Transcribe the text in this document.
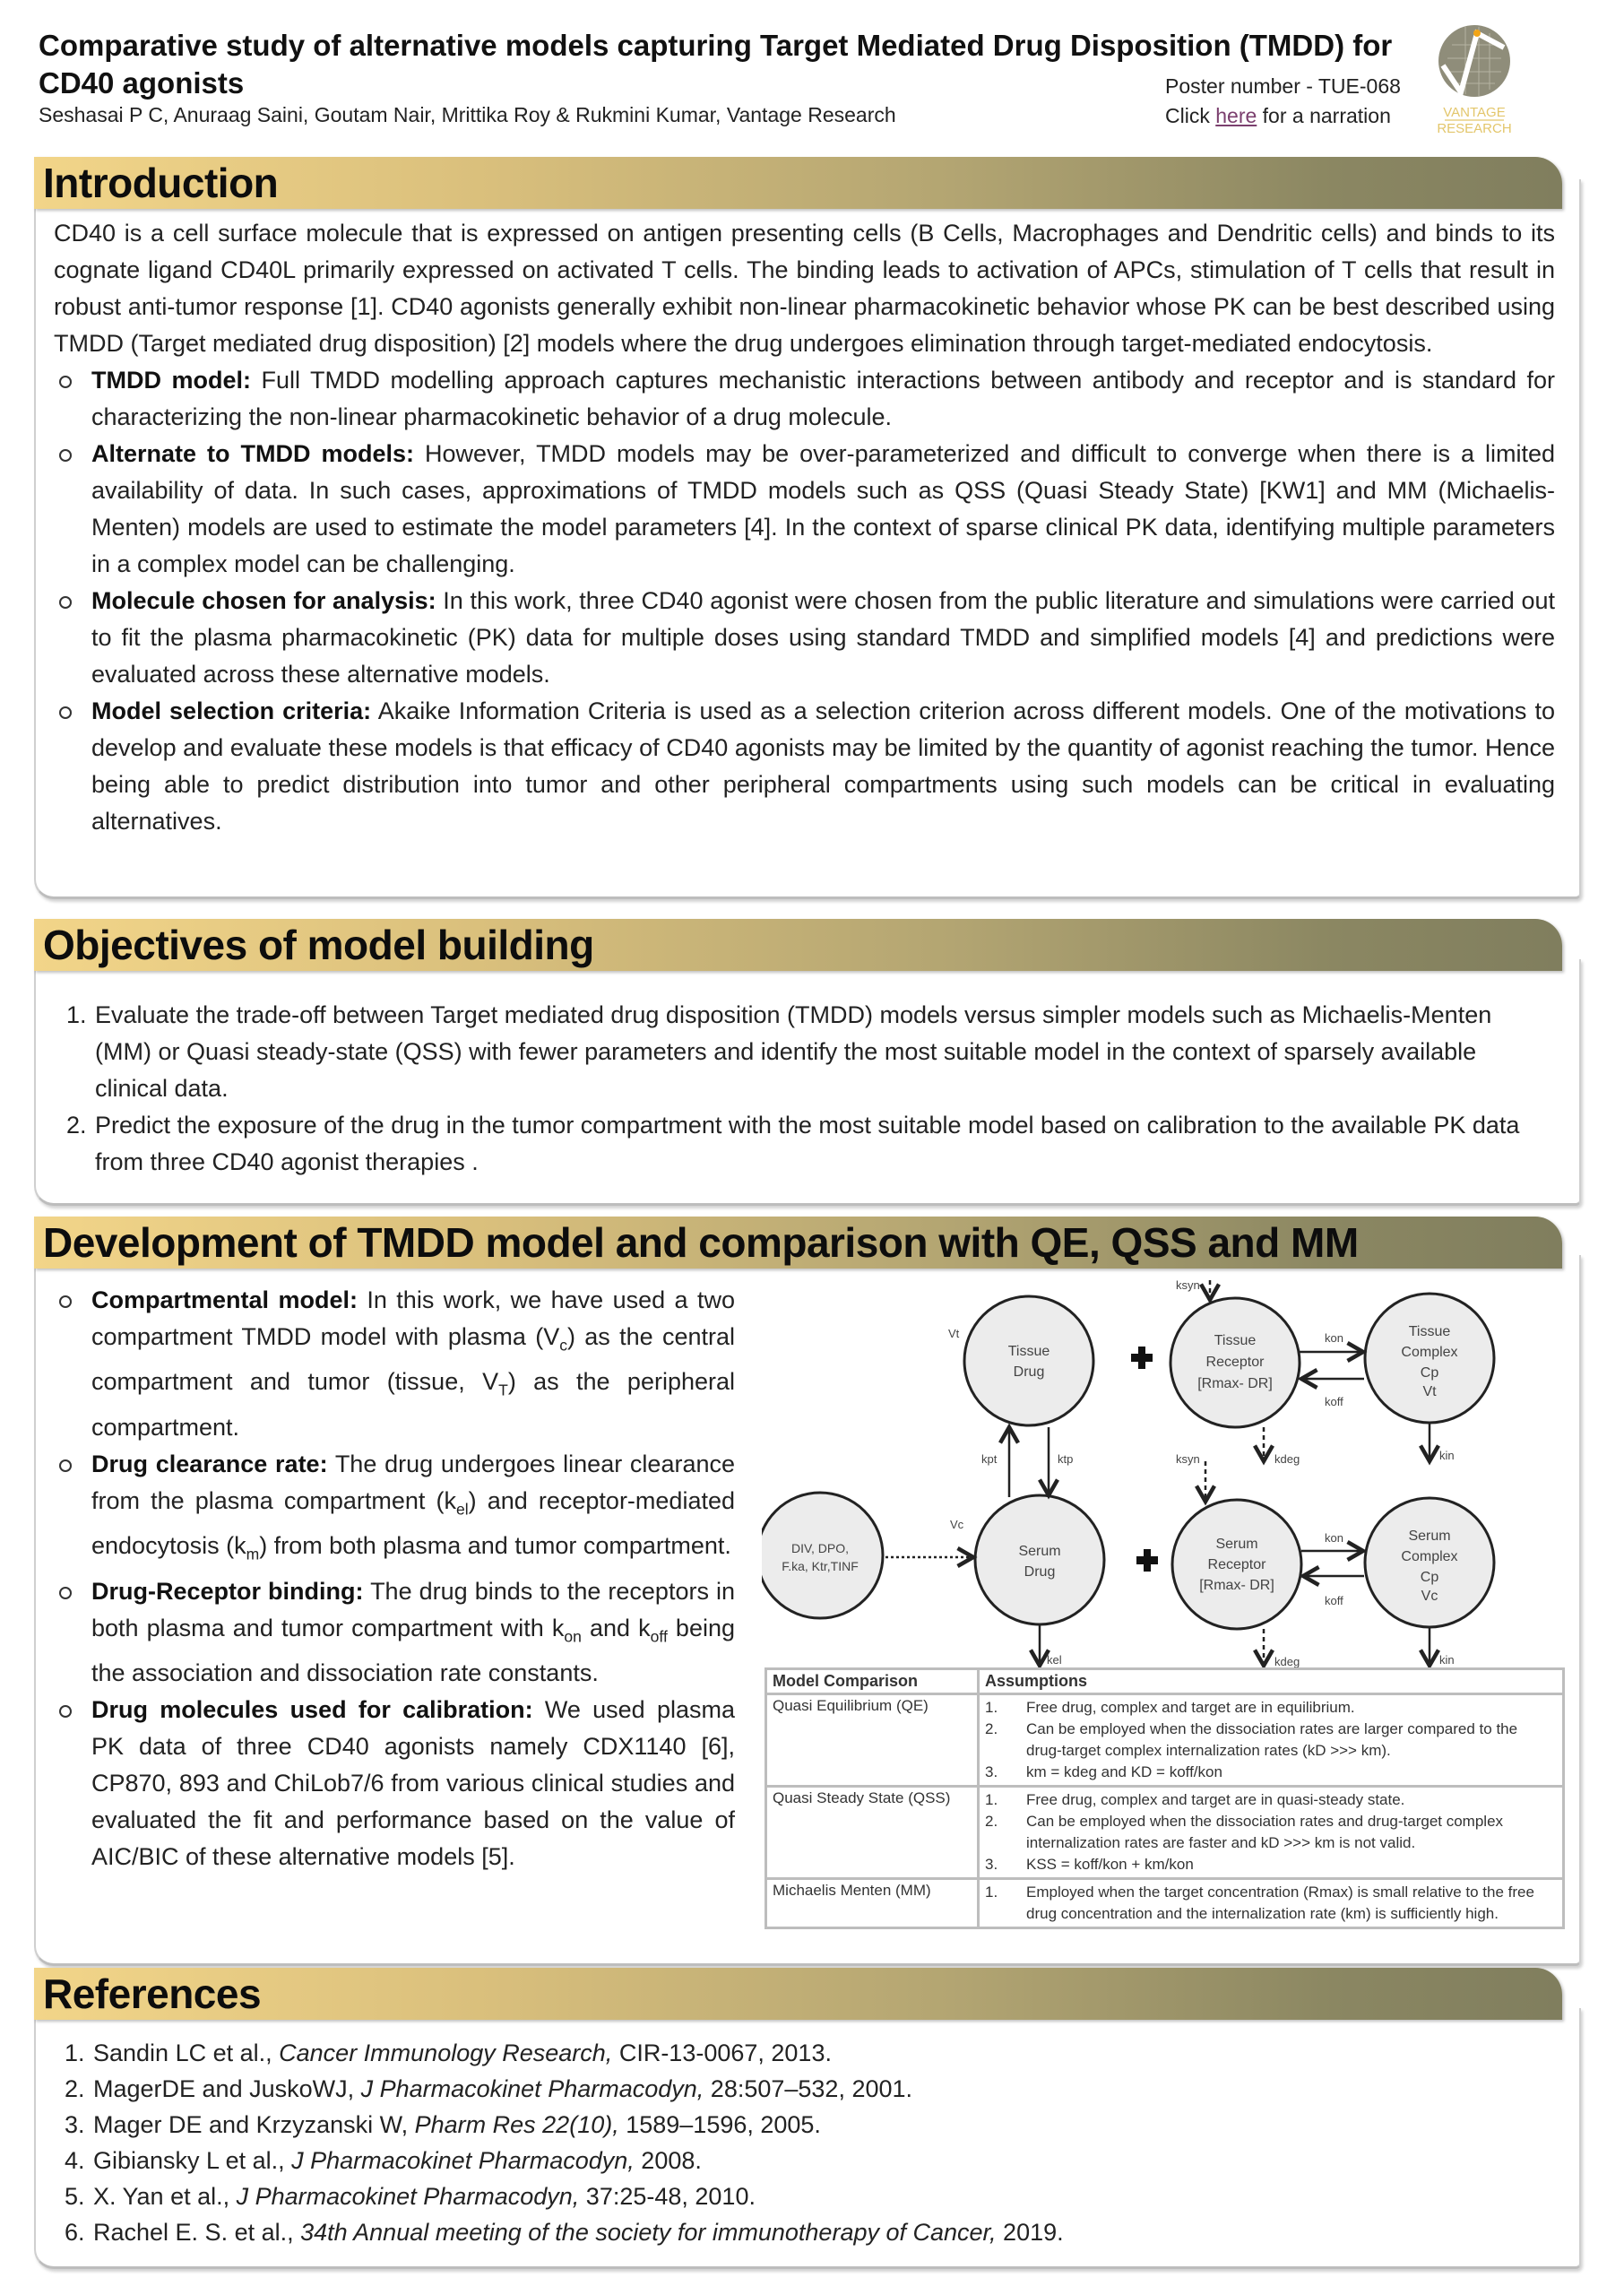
Comparative study of alternative models capturing Target Mediated Drug Disposition (TMDD) for CD40 agonists
Seshasai P C, Anuraag Saini, Goutam Nair, Mrittika Roy & Rukmini Kumar, Vantage Research
Poster number - TUE-068
Click here for a narration	VANTAGE
RESEARCH
Introduction
CD40 is a cell surface molecule that is expressed on antigen presenting cells (B Cells, Macrophages and Dendritic cells) and binds to its cognate ligand CD40L primarily expressed on activated T cells. The binding leads to activation of APCs, stimulation of T cells that result in robust anti-tumor response [1]. CD40 agonists generally exhibit non-linear pharmacokinetic behavior whose PK can be best described using TMDD (Target mediated drug disposition) [2] models where the drug undergoes elimination through target-mediated endocytosis.
TMDD model: Full TMDD modelling approach captures mechanistic interactions between antibody and receptor and is standard for characterizing the non-linear pharmacokinetic behavior of a drug molecule.
Alternate to TMDD models: However, TMDD models may be over-parameterized and difficult to converge when there is a limited availability of data. In such cases, approximations of TMDD models such as QSS (Quasi Steady State) [KW1] and MM (Michaelis-Menten) models are used to estimate the model parameters [4]. In the context of sparse clinical PK data, identifying multiple parameters in a complex model can be challenging.
Molecule chosen for analysis: In this work, three CD40 agonist were chosen from the public literature and simulations were carried out to fit the plasma pharmacokinetic (PK) data for multiple doses using standard TMDD and simplified models [4] and predictions were evaluated across these alternative models.
Model selection criteria: Akaike Information Criteria is used as a selection criterion across different models. One of the motivations to develop and evaluate these models is that efficacy of CD40 agonists may be limited by the quantity of agonist reaching the tumor. Hence being able to predict distribution into tumor and other peripheral compartments using such models can be critical in evaluating alternatives.
Objectives of model building
1. Evaluate the trade-off between Target mediated drug disposition (TMDD) models versus simpler models such as Michaelis-Menten (MM) or Quasi steady-state (QSS) with fewer parameters and identify the most suitable model in the context of sparsely available clinical data.
2. Predict the exposure of the drug in the tumor compartment with the most suitable model based on calibration to the available PK data from three CD40 agonist therapies .
Development of TMDD model and comparison with QE, QSS and MM
Compartmental model: In this work, we have used a two compartment TMDD model with plasma $(V_c)$ as the central compartment and tumor (tissue, $V_T$) as the peripheral compartment.
Drug clearance rate: The drug undergoes linear clearance from the plasma compartment $(k_{el})$ and receptor-mediated endocytosis $(k_m)$ from both plasma and tumor compartment.
Drug-Receptor binding: The drug binds to the receptors in both plasma and tumor compartment with $k_{on}$ and $k_{off}$ being the association and dissociation rate constants.
Drug molecules used for calibration: We used plasma PK data of three CD40 agonists namely CDX1140 [6], CP870, 893 and ChiLob7/6 from various clinical studies and evaluated the fit and performance based on the value of AIC/BIC of these alternative models [5].
Tissue
Drug
Tissue
Receptor
[Rmax- DR]
Tissue
Complex
Cp
Vt
DIV, DPO,
F.ka, Ktr,TINF
Serum
Drug
Serum
Receptor
[Rmax- DR]
Serum
Complex
Cp
Vc
Vt
Vc
ksyn
ksyn	kdeg
kdeg
kon
koff
kon
koff
kpt	ktp
kel
kin
kin
Model Comparison	Assumptions
Quasi Equilibrium (QE)	1. Free drug, complex and target are in equilibrium.
2. Can be employed when the dissociation rates are larger compared to the drug-target complex internalization rates (kD >>> km).
3. km = kdeg and KD = koff/kon

Quasi Steady State (QSS)	1. Free drug, complex and target are in quasi-steady state.
2. Can be employed when the dissociation rates and drug-target complex internalization rates are faster and kD >>> km is not valid.
3. KSS = koff/kon + km/kon

Michaelis Menten (MM)	1. Employed when the target concentration (Rmax) is small relative to the free drug concentration and the internalization rate (km) is sufficiently high.
References
1. Sandin LC et al., Cancer Immunology Research, CIR-13-0067, 2013.
2. MagerDE and JuskoWJ, J Pharmacokinet Pharmacodyn, 28:507–532, 2001.
3. Mager DE and Krzyzanski W, Pharm Res 22(10), 1589–1596, 2005.
4. Gibiansky L et al., J Pharmacokinet Pharmacodyn, 2008.
5. X. Yan et al., J Pharmacokinet Pharmacodyn, 37:25-48, 2010.
6. Rachel E. S. et al., 34th Annual meeting of the society for immunotherapy of Cancer, 2019.
